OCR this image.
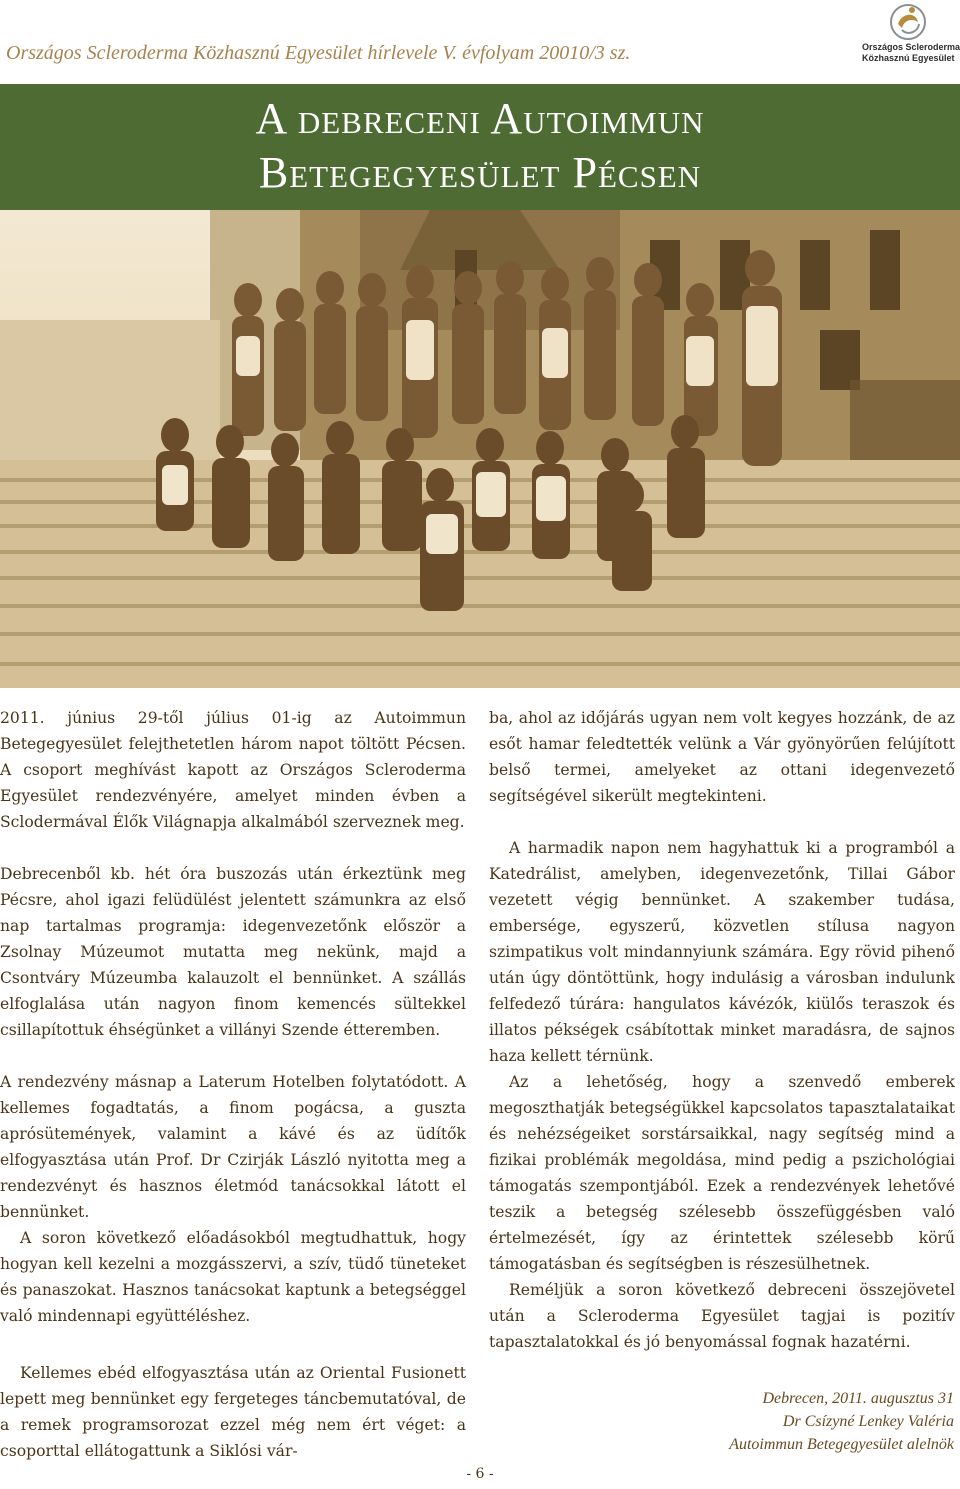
Országos Scleroderma Közhasznú Egyesület hírlevele V. évfolyam 20010/3 sz.	Országos Scleroderma
Közhasznú Egyesület
A debreceni Autoimmun
Betegegyesület Pécsen

2011. június 29-től július 01-ig az Autoimmun Betegegyesület felejthetetlen három napot töltött Pécsen. A csoport meghívást kapott az Országos Scleroderma Egyesület rendezvényére, amelyet minden évben a Sclodermával Élők Világnapja alkalmából szerveznek meg.

Debrecenből kb. hét óra buszozás után érkeztünk meg Pécsre, ahol igazi felüdülést jelentett számunkra az első nap tartalmas programja: idegenvezetőnk először a Zsolnay Múzeumot mutatta meg nekünk, majd a Csontváry Múzeumba kalauzolt el bennünket. A szállás elfoglalása után nagyon finom kemencés sültekkel csillapítottuk éhségünket a villányi Szende étteremben.

A rendezvény másnap a Laterum Hotelben folytatódott. A kellemes fogadtatás, a finom pogácsa, a guszta aprósütemények, valamint a kávé és az üdítők elfogyasztása után Prof. Dr Czirják László nyitotta meg a rendezvényt és hasznos életmód tanácsokkal látott el bennünket.

A soron következő előadásokból megtudhattuk, hogy hogyan kell kezelni a mozgásszervi, a szív, tüdő tüneteket és panaszokat. Hasznos tanácsokat kaptunk a betegséggel való mindennapi együttéléshez.

ba, ahol az időjárás ugyan nem volt kegyes hozzánk, de az esőt hamar feledtették velünk a Vár gyönyörűen felújított belső termei, amelyeket az ottani idegenvezető segítségével sikerült megtekinteni.

A harmadik napon nem hagyhattuk ki a programból a Katedrálist, amelyben, idegenvezetőnk, Tillai Gábor vezetett végig bennünket. A szakember tudása, embersége, egyszerű, közvetlen stílusa nagyon szimpatikus volt mindannyiunk számára. Egy rövid pihenő után úgy döntöttünk, hogy indulásig a városban indulunk felfedező túrára: hangulatos kávézók, kiülős teraszok és illatos pékségek csábítottak minket maradásra, de sajnos haza kellett térnünk.

Az a lehetőség, hogy a szenvedő emberek megoszthatják betegségükkel kapcsolatos tapasztalataikat és nehézségeiket sorstársaikkal, nagy segítség mind a fizikai problémák megoldása, mind pedig a pszichológiai támogatás szempontjából. Ezek a rendezvények lehetővé teszik a betegség szélesebb összefüggésben való értelmezését, így az érintettek szélesebb körű támogatásban és segítségben is részesülhetnek.

Reméljük a soron következő debreceni összejövetel után a Scleroderma Egyesület tagjai is pozitív tapasztalatokkal és jó benyomással fognak hazatérni.

Kellemes ebéd elfogyasztása után az Oriental Fusionett lepett meg bennünket egy fergeteges táncbemutatóval, de a remek programsorozat ezzel még nem ért véget: a csoporttal ellátogattunk a Siklósi vár-

Debrecen, 2011. augusztus 31
Dr Csízyné Lenkey Valéria
Autoimmun Betegegyesület alelnök
- 6 -
